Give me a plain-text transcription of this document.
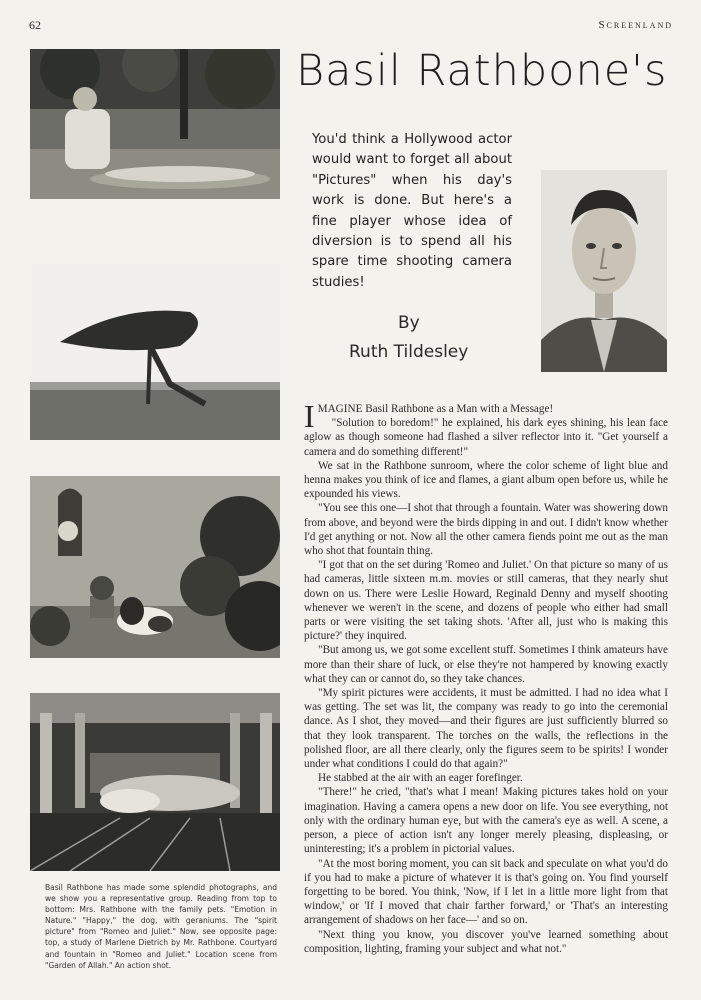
62	Screenland
Basil Rathbone's
You'd think a Hollywood actor would want to forget all about "Pictures" when his day's work is done. But here's a fine player whose idea of diversion is to spend all his spare time shooting camera studies!
By
Ruth Tildesley

IMAGINE Basil Rathbone as a Man with a Message!

"Solution to boredom!" he explained, his dark eyes shining, his lean face aglow as though someone had flashed a silver reflector into it. "Get yourself a camera and do something different!"

We sat in the Rathbone sunroom, where the color scheme of light blue and henna makes you think of ice and flames, a giant album open before us, while he expounded his views.

"You see this one—I shot that through a fountain. Water was showering down from above, and beyond were the birds dipping in and out. I didn't know whether I'd get anything or not. Now all the other camera fiends point me out as the man who shot that fountain thing.

"I got that on the set during 'Romeo and Juliet.' On that picture so many of us had cameras, little sixteen m.m. movies or still cameras, that they nearly shut down on us. There were Leslie Howard, Reginald Denny and myself shooting whenever we weren't in the scene, and dozens of people who either had small parts or were visiting the set taking shots. 'After all, just who is making this picture?' they inquired.

"But among us, we got some excellent stuff. Sometimes I think amateurs have more than their share of luck, or else they're not hampered by knowing exactly what they can or cannot do, so they take chances.

"My spirit pictures were accidents, it must be admitted. I had no idea what I was getting. The set was lit, the company was ready to go into the ceremonial dance. As I shot, they moved—and their figures are just sufficiently blurred so that they look transparent. The torches on the walls, the reflections in the polished floor, are all there clearly, only the figures seem to be spirits! I wonder under what conditions I could do that again?"

He stabbed at the air with an eager forefinger.

"There!" he cried, "that's what I mean! Making pictures takes hold on your imagination. Having a camera opens a new door on life. You see everything, not only with the ordinary human eye, but with the camera's eye as well. A scene, a person, a piece of action isn't any longer merely pleasing, displeasing, or uninteresting; it's a problem in pictorial values.

"At the most boring moment, you can sit back and speculate on what you'd do if you had to make a picture of whatever it is that's going on. You find yourself forgetting to be bored. You think, 'Now, if I let in a little more light from that window,' or 'If I moved that chair farther forward,' or 'That's an interesting arrangement of shadows on her face—' and so on.

"Next thing you know, you discover you've learned something about composition, lighting, framing your subject and what not."

Basil Rathbone has made some splendid photographs, and we show you a representative group. Reading from top to bottom: Mrs. Rathbone with the family pets. "Emotion in Nature." "Happy," the dog, with geraniums. The "spirit picture" from "Romeo and Juliet." Now, see opposite page: top, a study of Marlene Dietrich by Mr. Rathbone. Courtyard and fountain in "Romeo and Juliet." Location scene from "Garden of Allah." An action shot.
